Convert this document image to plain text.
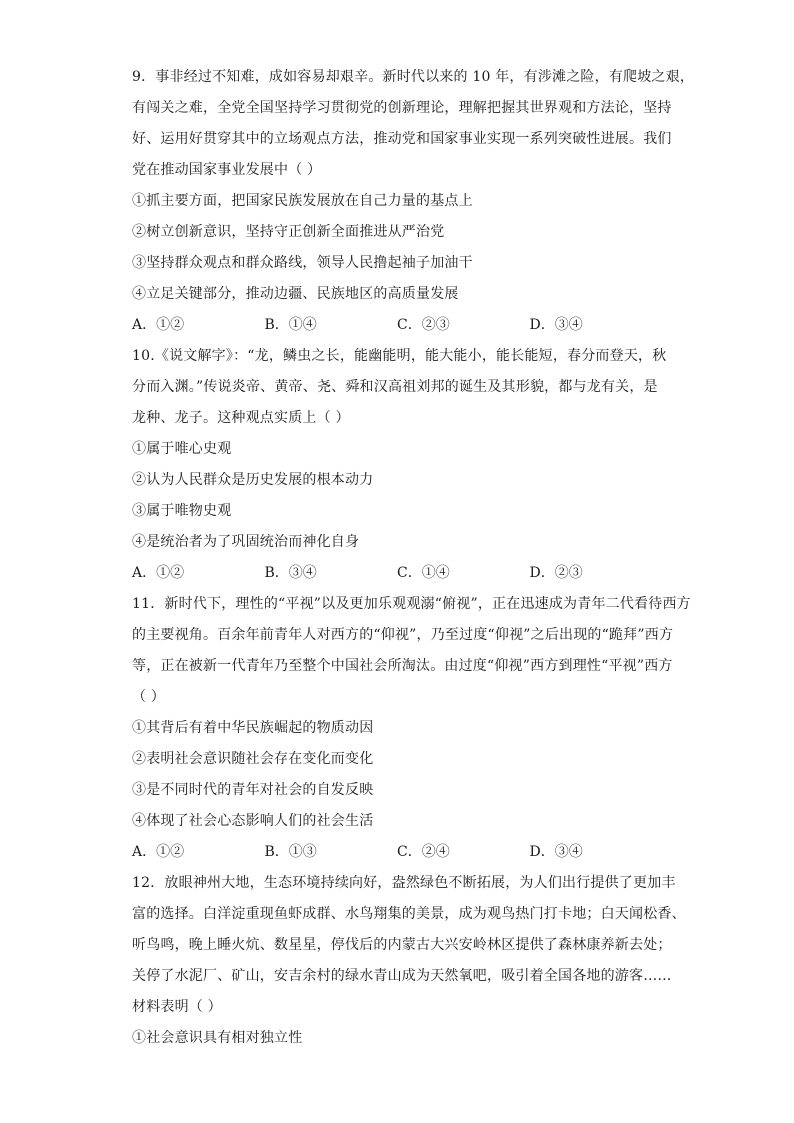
9．事非经过不知难，成如容易却艰辛。新时代以来的 10 年，有涉滩之险，有爬坡之艰，
有闯关之难，全党全国坚持学习贯彻党的创新理论，理解把握其世界观和方法论，坚持
好、运用好贯穿其中的立场观点方法，推动党和国家事业实现一系列突破性进展。我们
党在推动国家事业发展中（ ）
①抓主要方面，把国家民族发展放在自己力量的基点上
②树立创新意识，坚持守正创新全面推进从严治党
③坚持群众观点和群众路线，领导人民撸起袖子加油干
④立足关键部分，推动边疆、民族地区的高质量发展
A．①②	B．①④	C．②③	D．③④
10.《说文解字》：“龙，鳞虫之长，能幽能明，能大能小，能长能短，春分而登天，秋
分而入渊。”传说炎帝、黄帝、尧、舜和汉高祖刘邦的诞生及其形貌，都与龙有关，是
龙种、龙子。这种观点实质上（ ）
①属于唯心史观
②认为人民群众是历史发展的根本动力
③属于唯物史观
④是统治者为了巩固统治而神化自身
A．①②	B．③④	C．①④	D．②③
11．新时代下，理性的“平视”以及更加乐观观溺“俯视”，正在迅速成为青年二代看待西方
的主要视角。百余年前青年人对西方的“仰视”，乃至过度“仰视”之后出现的“跪拜”西方
等，正在被新一代青年乃至整个中国社会所淘汰。由过度“仰视”西方到理性“平视”西方
（ ）
①其背后有着中华民族崛起的物质动因
②表明社会意识随社会存在变化而变化
③是不同时代的青年对社会的自发反映
④体现了社会心态影响人们的社会生活
A．①②	B．①③	C．②④	D．③④
12．放眼神州大地，生态环境持续向好，盎然绿色不断拓展，为人们出行提供了更加丰
富的选择。白洋淀重现鱼虾成群、水鸟翔集的美景，成为观鸟热门打卡地；白天闻松香、
听鸟鸣，晚上睡火炕、数星星，停伐后的内蒙古大兴安岭林区提供了森林康养新去处；
关停了水泥厂、矿山，安吉余村的绿水青山成为天然氧吧，吸引着全国各地的游客……
材料表明（ ）
①社会意识具有相对独立性
